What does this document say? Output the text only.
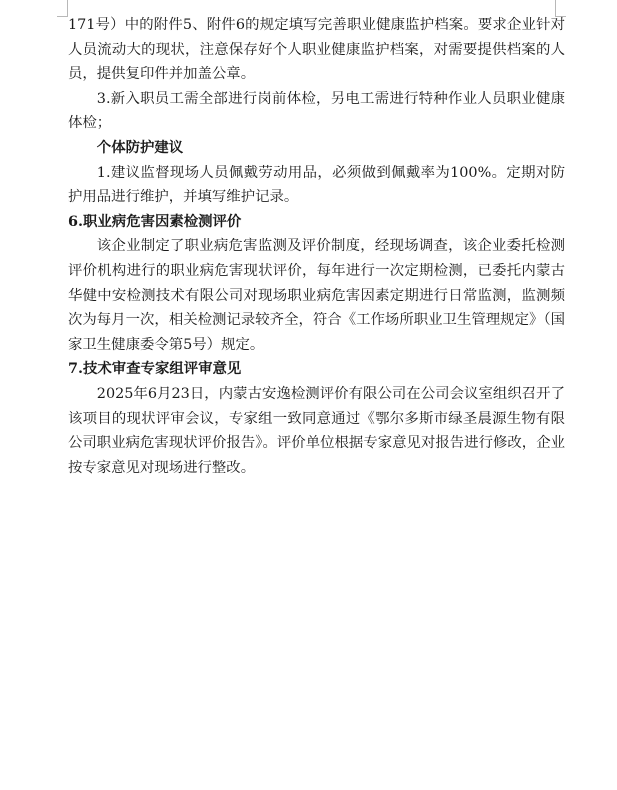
171号）中的附件5、附件6的规定填写完善职业健康监护档案。要求企业针对人员流动大的现状，注意保存好个人职业健康监护档案，对需要提供档案的人员，提供复印件并加盖公章。

3.新入职员工需全部进行岗前体检，另电工需进行特种作业人员职业健康体检；

个体防护建议

1.建议监督现场人员佩戴劳动用品，必须做到佩戴率为100%。定期对防护用品进行维护，并填写维护记录。

6.职业病危害因素检测评价

该企业制定了职业病危害监测及评价制度，经现场调查，该企业委托检测评价机构进行的职业病危害现状评价，每年进行一次定期检测，已委托内蒙古华健中安检测技术有限公司对现场职业病危害因素定期进行日常监测，监测频次为每月一次，相关检测记录较齐全，符合《工作场所职业卫生管理规定》（国家卫生健康委令第5号）规定。

7.技术审查专家组评审意见

2025年6月23日，内蒙古安逸检测评价有限公司在公司会议室组织召开了该项目的现状评审会议，专家组一致同意通过《鄂尔多斯市绿圣晨源生物有限公司职业病危害现状评价报告》。评价单位根据专家意见对报告进行修改，企业按专家意见对现场进行整改。
